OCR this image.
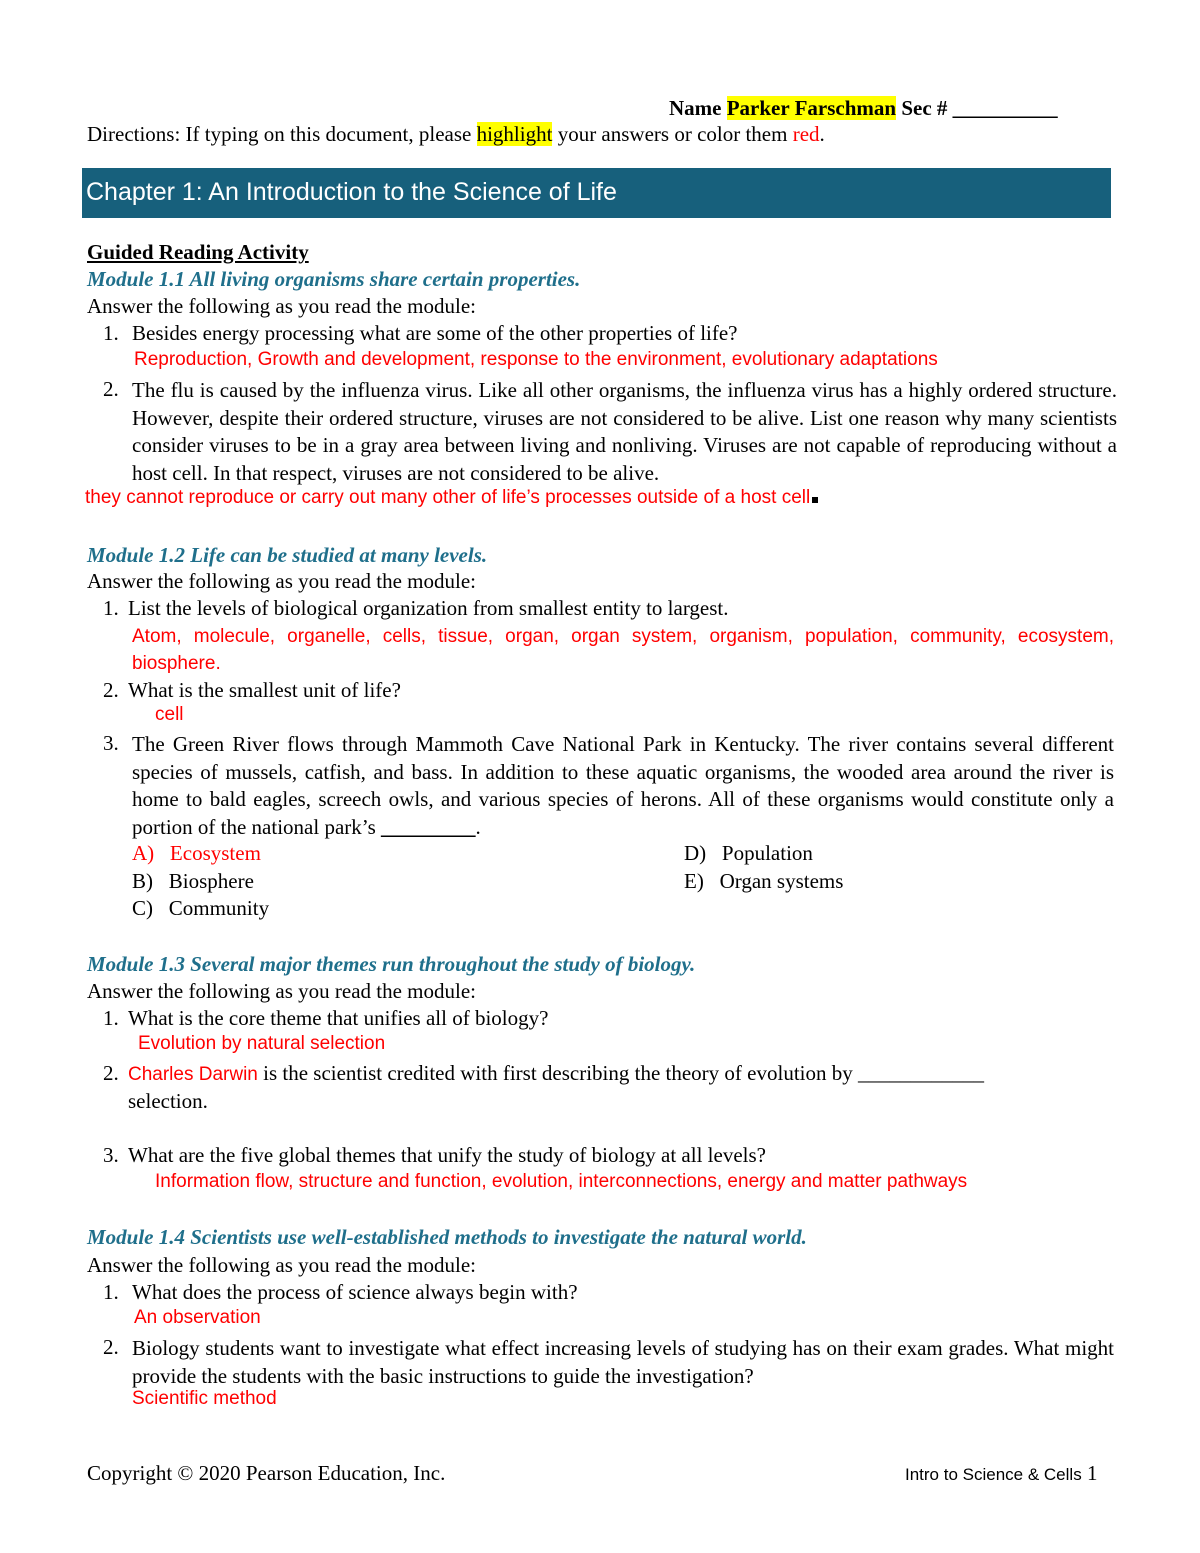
Name Parker Farschman Sec # __________
Directions: If typing on this document, please highlight your answers or color them red.
Chapter 1: An Introduction to the Science of Life
Guided Reading Activity
Module 1.1 All living organisms share certain properties.
Answer the following as you read the module:
1. Besides energy processing what are some of the other properties of life?
Reproduction, Growth and development, response to the environment, evolutionary adaptations
2. The flu is caused by the influenza virus. Like all other organisms, the influenza virus has a highly ordered structure. However, despite their ordered structure, viruses are not considered to be alive. List one reason why many scientists consider viruses to be in a gray area between living and nonliving. Viruses are not capable of reproducing without a host cell. In that respect, viruses are not considered to be alive.
they cannot reproduce or carry out many other of life’s processes outside of a host cell
Module 1.2 Life can be studied at many levels.
Answer the following as you read the module:
1. List the levels of biological organization from smallest entity to largest.
Atom, molecule, organelle, cells, tissue, organ, organ system, organism, population, community, ecosystem, biosphere.
2. What is the smallest unit of life?
cell
3. The Green River flows through Mammoth Cave National Park in Kentucky. The river contains several different species of mussels, catfish, and bass. In addition to these aquatic organisms, the wooded area around the river is home to bald eagles, screech owls, and various species of herons. All of these organisms would constitute only a portion of the national park’s _________.
A) Ecosystem
B) Biosphere
C) Community
D) Population
E) Organ systems
Module 1.3 Several major themes run throughout the study of biology.
Answer the following as you read the module:
1. What is the core theme that unifies all of biology?
Evolution by natural selection
2. Charles Darwin is the scientist credited with first describing the theory of evolution by ____________
selection.
3. What are the five global themes that unify the study of biology at all levels?
Information flow, structure and function, evolution, interconnections, energy and matter pathways
Module 1.4 Scientists use well-established methods to investigate the natural world.
Answer the following as you read the module:
1. What does the process of science always begin with?
An observation
2. Biology students want to investigate what effect increasing levels of studying has on their exam grades. What might provide the students with the basic instructions to guide the investigation?
Scientific method
Copyright © 2020 Pearson Education, Inc.	Intro to Science & Cells 1
